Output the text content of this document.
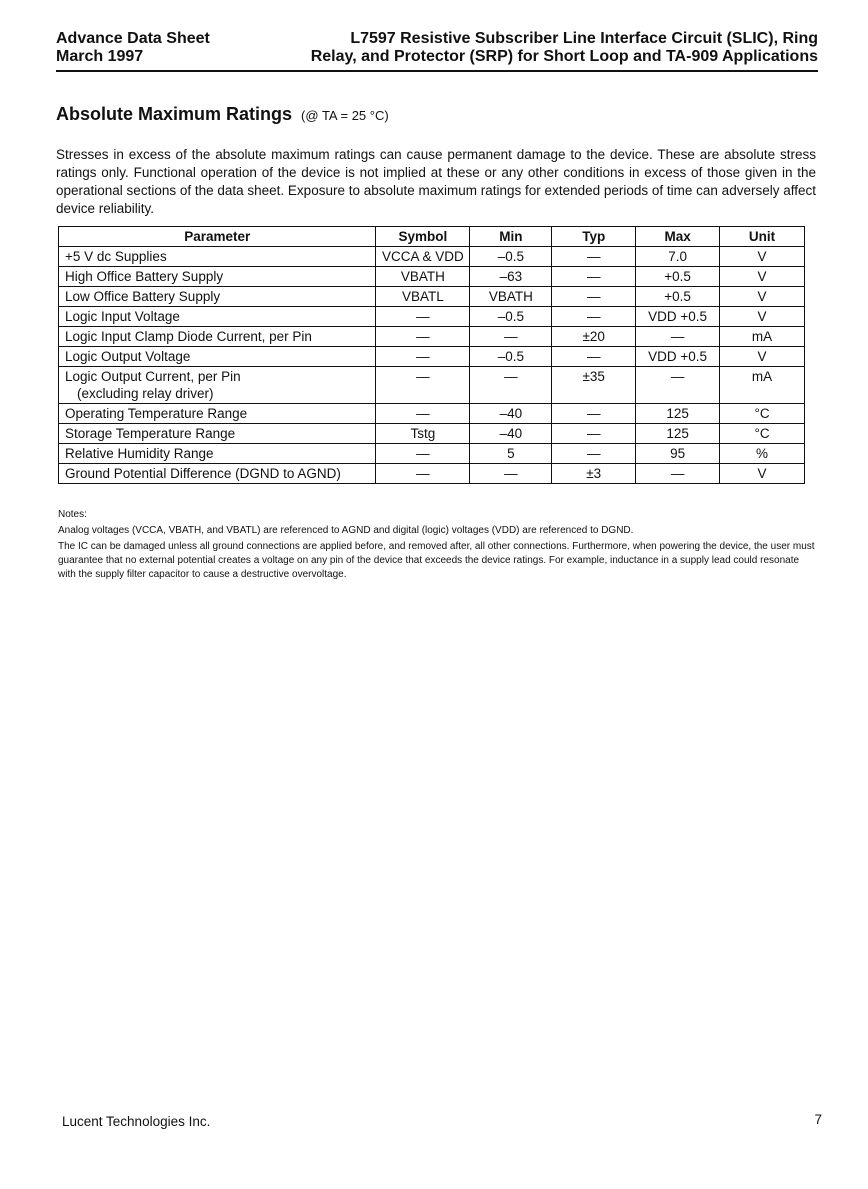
Advance Data Sheet
March 1997
L7597 Resistive Subscriber Line Interface Circuit (SLIC), Ring
Relay, and Protector (SRP) for Short Loop and TA-909 Applications
Absolute Maximum Ratings (@ TA = 25 °C)
Stresses in excess of the absolute maximum ratings can cause permanent damage to the device. These are absolute stress ratings only. Functional operation of the device is not implied at these or any other conditions in excess of those given in the operational sections of the data sheet. Exposure to absolute maximum ratings for extended periods of time can adversely affect device reliability.
Parameter	Symbol	Min	Typ	Max	Unit

+5 V dc Supplies	VCCA & VDD	–0.5	—	7.0	V

High Office Battery Supply	VBATH	–63	—	+0.5	V

Low Office Battery Supply	VBATL	VBATH	—	+0.5	V

Logic Input Voltage	—	–0.5	—	VDD +0.5	V

Logic Input Clamp Diode Current, per Pin	—	—	±20	—	mA

Logic Output Voltage	—	–0.5	—	VDD +0.5	V

Logic Output Current, per Pin
(excluding relay driver)	—	—	±35	—	mA

Operating Temperature Range	—	–40	—	125	°C

Storage Temperature Range	Tstg	–40	—	125	°C

Relative Humidity Range	—	5	—	95	%

Ground Potential Difference (DGND to AGND)	—	—	±3	—	V

Notes:

Analog voltages (VCCA, VBATH, and VBATL) are referenced to AGND and digital (logic) voltages (VDD) are referenced to DGND.

The IC can be damaged unless all ground connections are applied before, and removed after, all other connections. Furthermore, when powering the device, the user must guarantee that no external potential creates a voltage on any pin of the device that exceeds the device ratings. For example, inductance in a supply lead could resonate with the supply filter capacitor to cause a destructive overvoltage.

Lucent Technologies Inc.	7
